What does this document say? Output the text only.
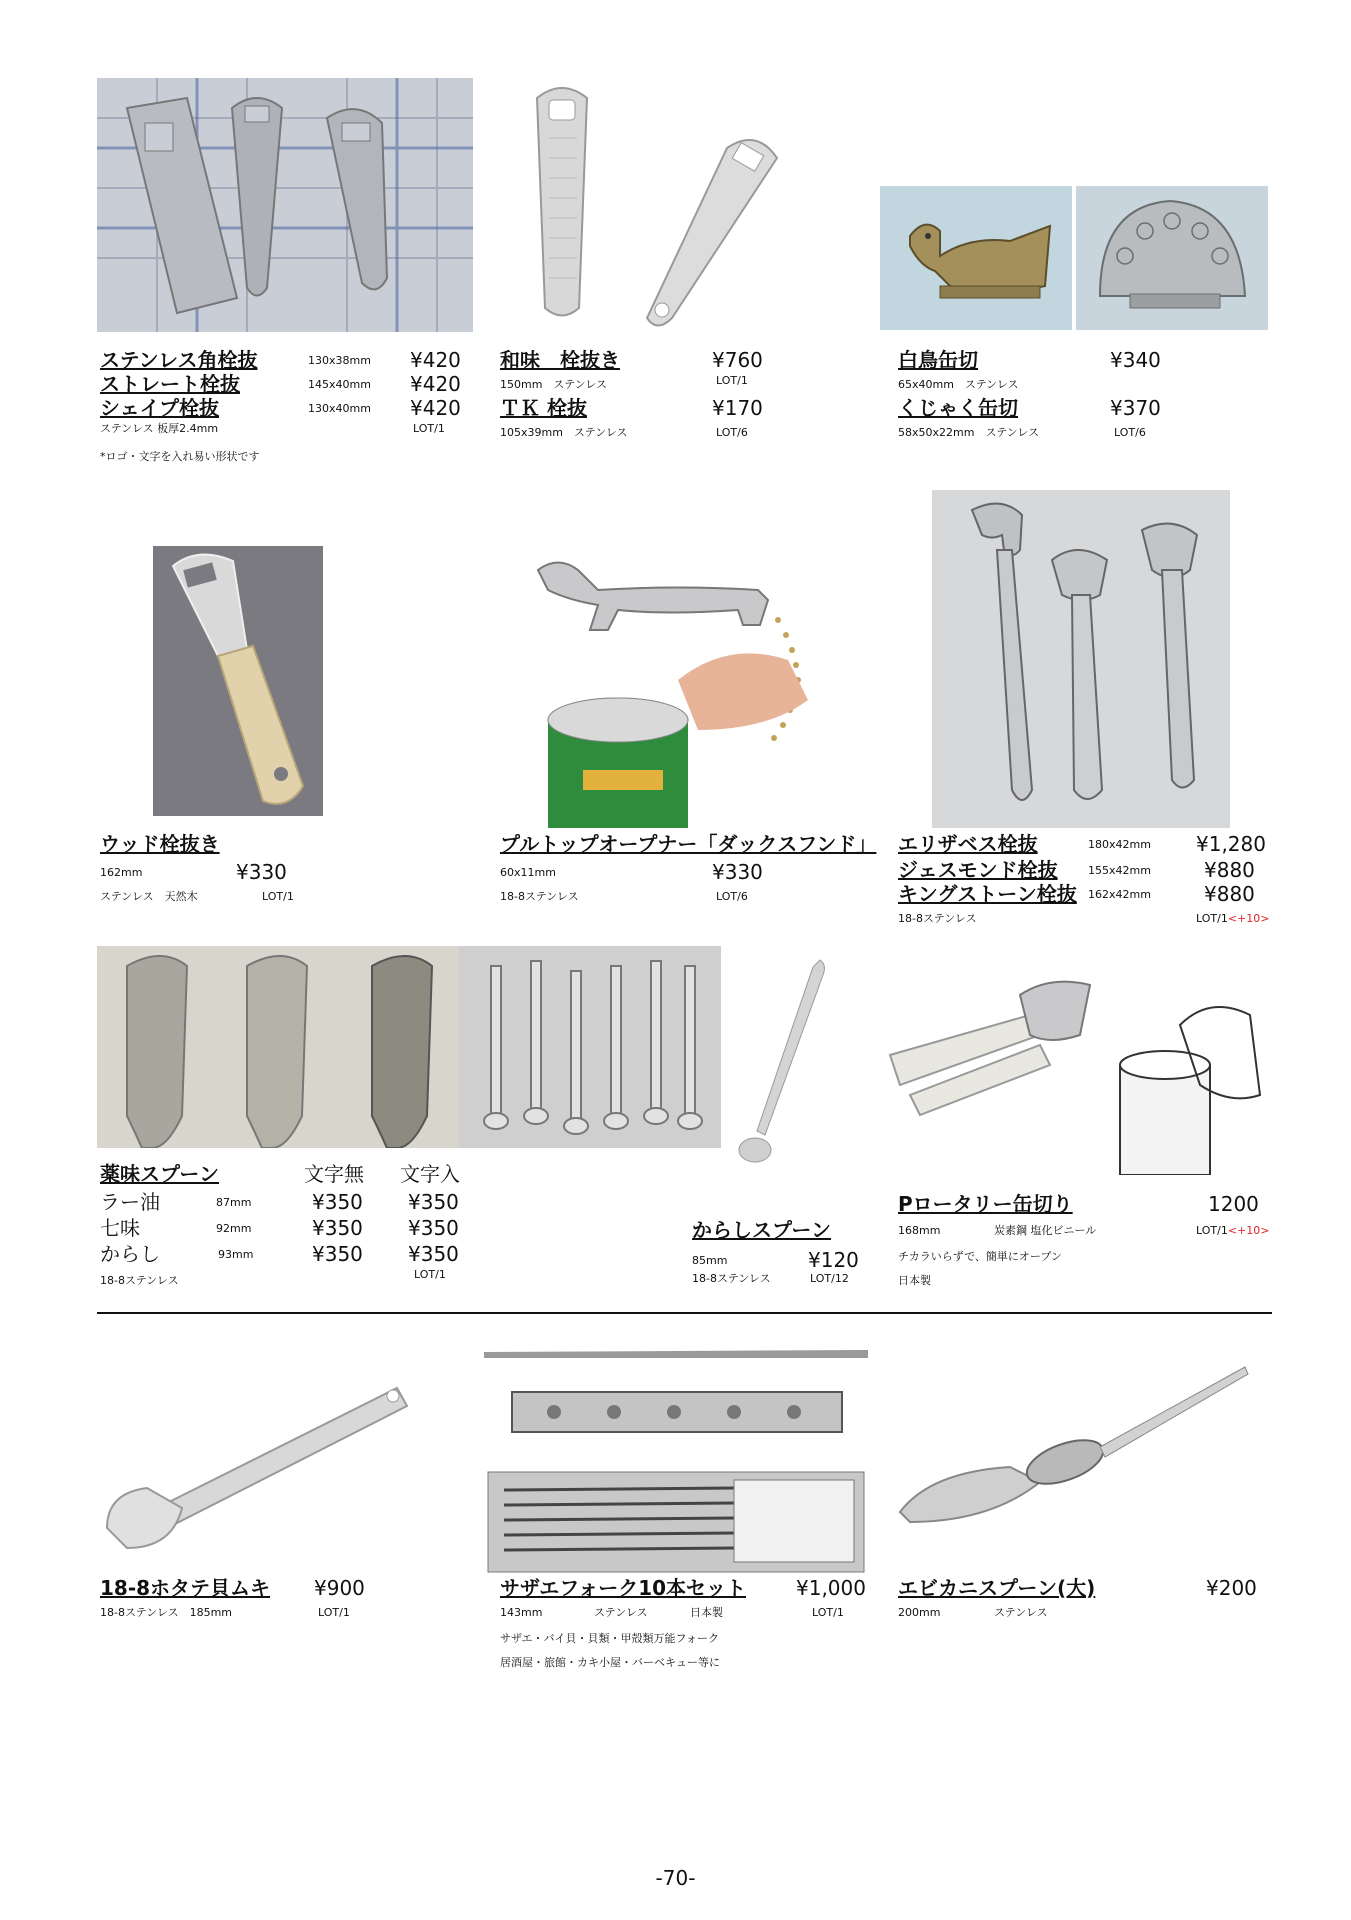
ステンレス角栓抜	130x38mm ¥420
ストレート栓抜	145x40mm ¥420
シェイプ栓抜	130x40mm ¥420
ステンレス 板厚2.4mm	LOT/1
*ロゴ・文字を入れ易い形状です
和味　栓抜き	¥760
150mm　ステンレス	LOT/1
ＴＫ 栓抜	¥170
105x39mm　ステンレス	LOT/6
白鳥缶切	¥340
65x40mm　ステンレス
くじゃく缶切	¥370
58x50x22mm　ステンレス	LOT/6
ウッド栓抜き
162mm	¥330
ステンレス　天然木	LOT/1
プルトップオープナー「ダックスフンド」
60x11mm	¥330
18-8ステンレス	LOT/6
エリザベス栓抜	180x42mm ¥1,280
ジェスモンド栓抜	155x42mm	¥880
キングストーン栓抜 162x42mm	¥880
18-8ステンレス	LOT/1<+10>
薬味スプーン	文字無 文字入
ラー油	87mm	¥350 ¥350
七味	92mm	¥350 ¥350
からし	93mm	¥350 ¥350
LOT/1
18-8ステンレス
からしスプーン
85mm	¥120
18-8ステンレス	LOT/12
Pロータリー缶切り	1200
168mm	炭素鋼 塩化ビニール	LOT/1<+10>
チカラいらずで、簡単にオープン
日本製
18-8ホタテ貝ムキ ¥900
18-8ステンレス　185mm	LOT/1
サザエフォーク10本セット ¥1,000
143mm	ステンレス	日本製	LOT/1
サザエ・バイ貝・貝類・甲殻類万能フォーク
居酒屋・旅館・カキ小屋・バーベキュー等に
エビカニスプーン(大)	¥200
200mm	ステンレス
-70-
